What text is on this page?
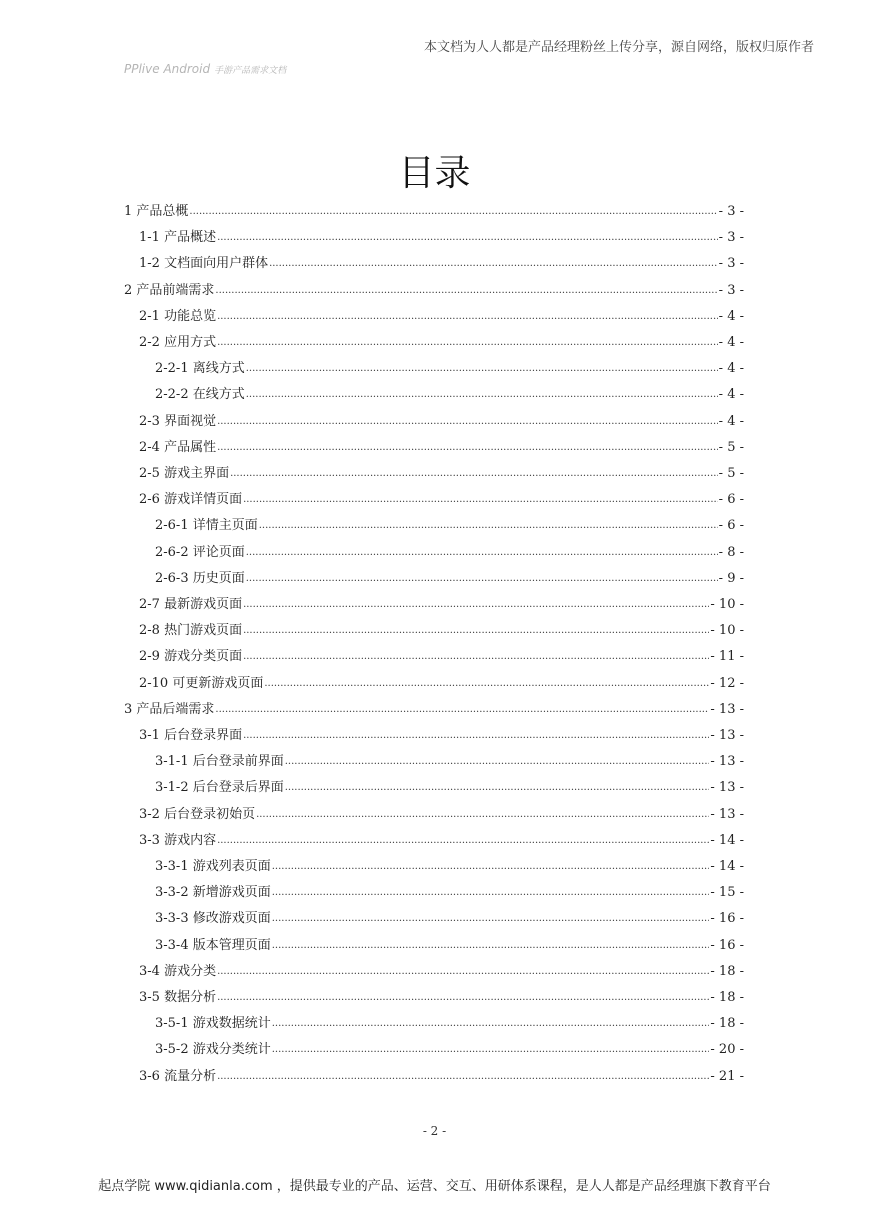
本文档为人人都是产品经理粉丝上传分享，源自网络，版权归原作者
PPlive Android 手游产品需求文档
目录
1 产品总概 .....	- 3 -
1-1 产品概述 .....	- 3 -
1-2 文档面向用户群体 .....	- 3 -
2 产品前端需求 .....	- 3 -
2-1 功能总览 .....	- 4 -
2-2 应用方式 .....	- 4 -
2-2-1 离线方式 .....	- 4 -
2-2-2 在线方式 .....	- 4 -
2-3 界面视觉 .....	- 4 -
2-4 产品属性 .....	- 5 -
2-5 游戏主界面 .....	- 5 -
2-6 游戏详情页面 .....	- 6 -
2-6-1 详情主页面 .....	- 6 -
2-6-2 评论页面 .....	- 8 -
2-6-3 历史页面 .....	- 9 -
2-7 最新游戏页面 .....	- 10 -
2-8 热门游戏页面 .....	- 10 -
2-9 游戏分类页面 .....	- 11 -
2-10 可更新游戏页面 .....	- 12 -
3 产品后端需求 .....	- 13 -
3-1 后台登录界面 .....	- 13 -
3-1-1 后台登录前界面 .....	- 13 -
3-1-2 后台登录后界面 .....	- 13 -
3-2 后台登录初始页 .....	- 13 -
3-3 游戏内容 .....	- 14 -
3-3-1 游戏列表页面 .....	- 14 -
3-3-2 新增游戏页面 .....	- 15 -
3-3-3 修改游戏页面 .....	- 16 -
3-3-4 版本管理页面 .....	- 16 -
3-4 游戏分类 .....	- 18 -
3-5 数据分析 .....	- 18 -
3-5-1 游戏数据统计 .....	- 18 -
3-5-2 游戏分类统计 .....	- 20 -
3-6 流量分析 .....	- 21 -
- 2 -
起点学院 www.qidianla.com ，提供最专业的产品、运营、交互、用研体系课程，是人人都是产品经理旗下教育平台
